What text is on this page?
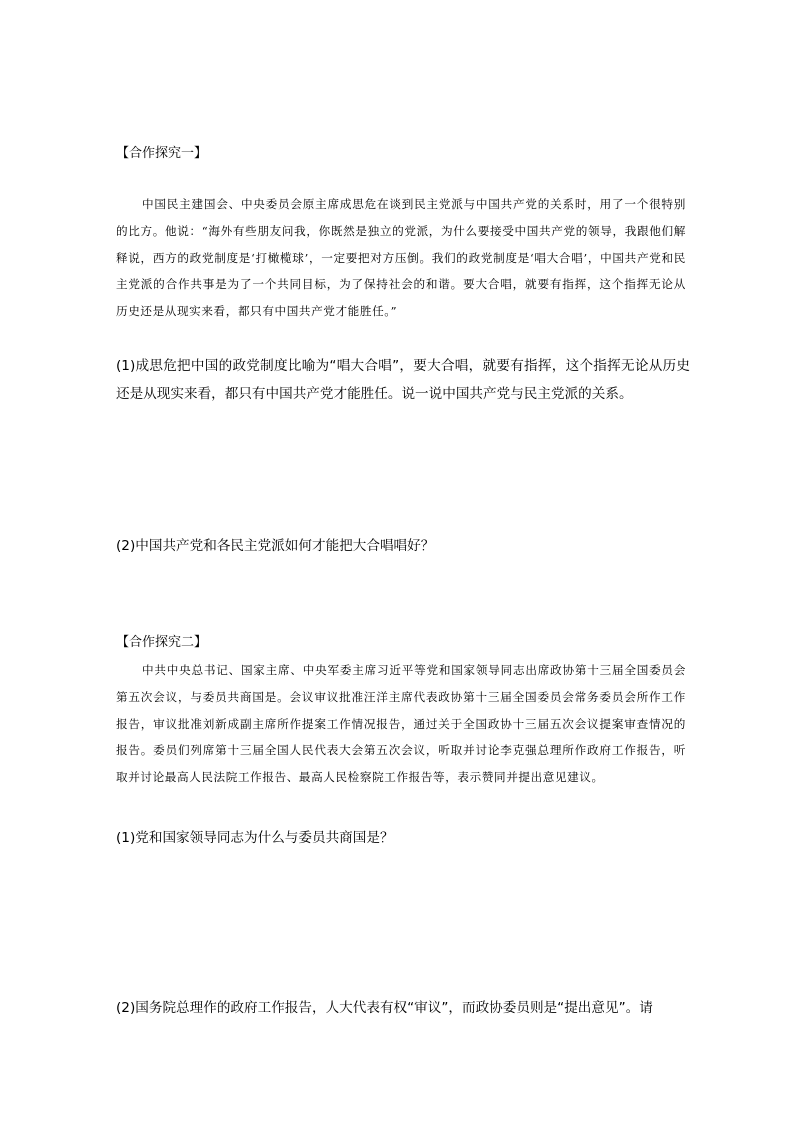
【合作探究一】

中国民主建国会、中央委员会原主席成思危在谈到民主党派与中国共产党的关系时，用了一个很特别的比方。他说：“海外有些朋友问我，你既然是独立的党派，为什么要接受中国共产党的领导，我跟他们解释说，西方的政党制度是‘打橄榄球’，一定要把对方压倒。我们的政党制度是‘唱大合唱’，中国共产党和民主党派的合作共事是为了一个共同目标，为了保持社会的和谐。要大合唱，就要有指挥，这个指挥无论从历史还是从现实来看，都只有中国共产党才能胜任。”

(1)成思危把中国的政党制度比喻为“唱大合唱”，要大合唱，就要有指挥，这个指挥无论从历史还是从现实来看，都只有中国共产党才能胜任。说一说中国共产党与民主党派的关系。

(2)中国共产党和各民主党派如何才能把大合唱唱好？

【合作探究二】

中共中央总书记、国家主席、中央军委主席习近平等党和国家领导同志出席政协第十三届全国委员会第五次会议，与委员共商国是。会议审议批准汪洋主席代表政协第十三届全国委员会常务委员会所作工作报告，审议批准刘新成副主席所作提案工作情况报告，通过关于全国政协十三届五次会议提案审查情况的报告。委员们列席第十三届全国人民代表大会第五次会议，听取并讨论李克强总理所作政府工作报告，听取并讨论最高人民法院工作报告、最高人民检察院工作报告等，表示赞同并提出意见建议。

(1)党和国家领导同志为什么与委员共商国是？

(2)国务院总理作的政府工作报告，人大代表有权“审议”，而政协委员则是“提出意见”。请
